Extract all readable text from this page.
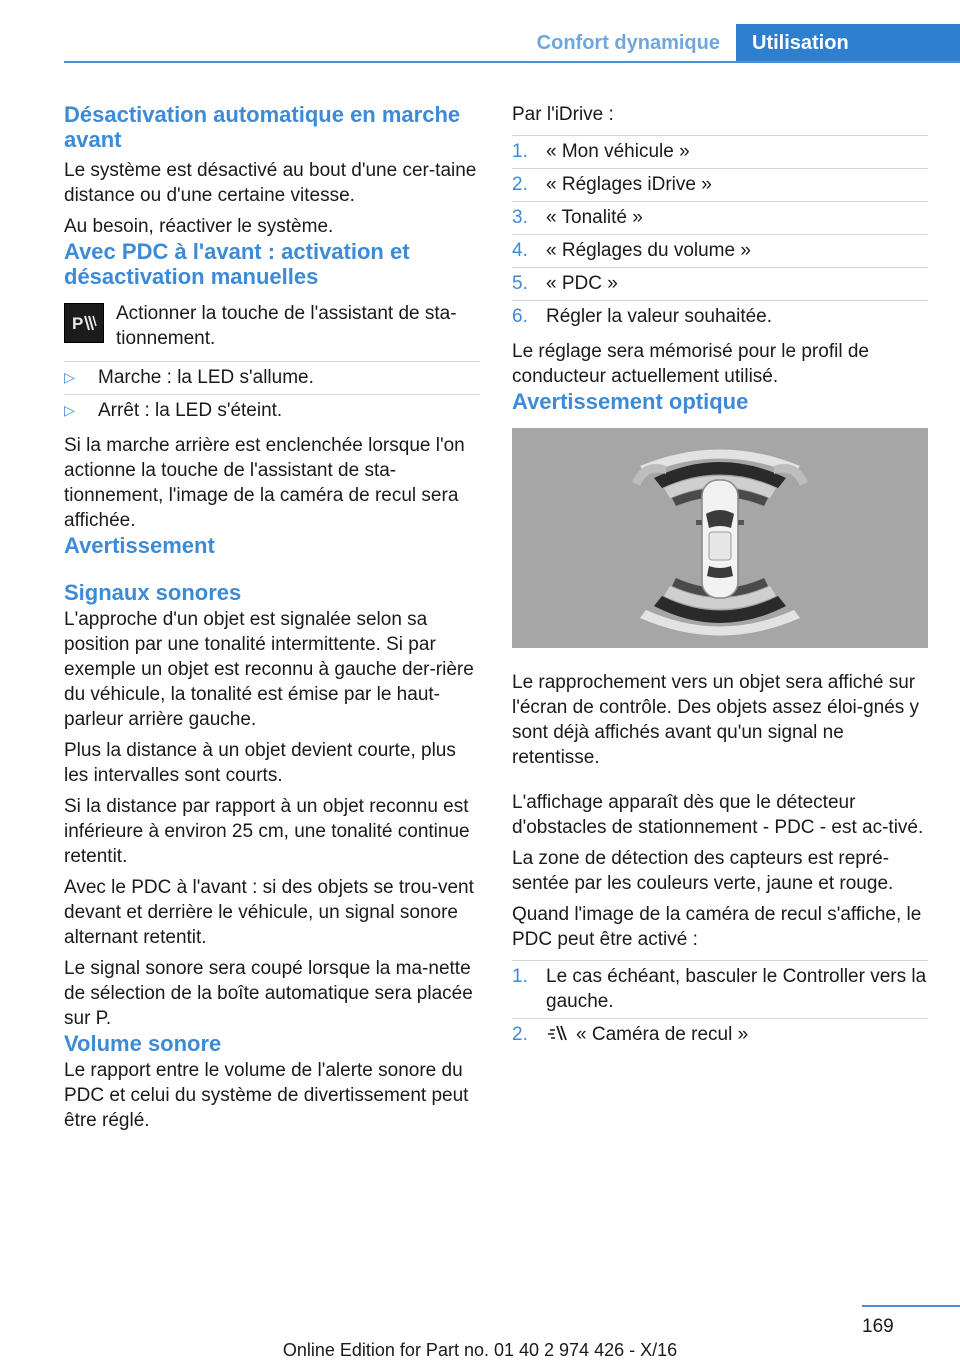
Confort dynamique	Utilisation
Désactivation automatique en marche avant

Le système est désactivé au bout d'une cer-taine distance ou d'une certaine vitesse.

Au besoin, réactiver le système.

Avec PDC à l'avant : activation et désactivation manuelles
P Actionner la touche de l'assistant de sta-tionnement.

▷	Marche : la LED s'allume.
▷	Arrêt : la LED s'éteint.

Si la marche arrière est enclenchée lorsque l'on actionne la touche de l'assistant de sta-tionnement, l'image de la caméra de recul sera affichée.

Avertissement
Signaux sonores

L'approche d'un objet est signalée selon sa position par une tonalité intermittente. Si par exemple un objet est reconnu à gauche der-rière du véhicule, la tonalité est émise par le haut-parleur arrière gauche.

Plus la distance à un objet devient courte, plus les intervalles sont courts.

Si la distance par rapport à un objet reconnu est inférieure à environ 25 cm, une tonalité continue retentit.

Avec le PDC à l'avant : si des objets se trou-vent devant et derrière le véhicule, un signal sonore alternant retentit.

Le signal sonore sera coupé lorsque la ma-nette de sélection de la boîte automatique sera placée sur P.

Volume sonore

Le rapport entre le volume de l'alerte sonore du PDC et celui du système de divertissement peut être réglé.

Par l'iDrive :

1. « Mon véhicule »
2. « Réglages iDrive »
3. « Tonalité »
4. « Réglages du volume »
5. « PDC »
6. Régler la valeur souhaitée.

Le réglage sera mémorisé pour le profil de conducteur actuellement utilisé.

Avertissement optique

Le rapprochement vers un objet sera affiché sur l'écran de contrôle. Des objets assez éloi-gnés y sont déjà affichés avant qu'un signal ne retentisse.

L'affichage apparaît dès que le détecteur d'obstacles de stationnement - PDC - est ac-tivé.

La zone de détection des capteurs est repré-sentée par les couleurs verte, jaune et rouge.

Quand l'image de la caméra de recul s'affiche, le PDC peut être activé :

1. Le cas échéant, basculer le Controller vers la gauche.
2.	« Caméra de recul »
169
Online Edition for Part no. 01 40 2 974 426 - X/16
